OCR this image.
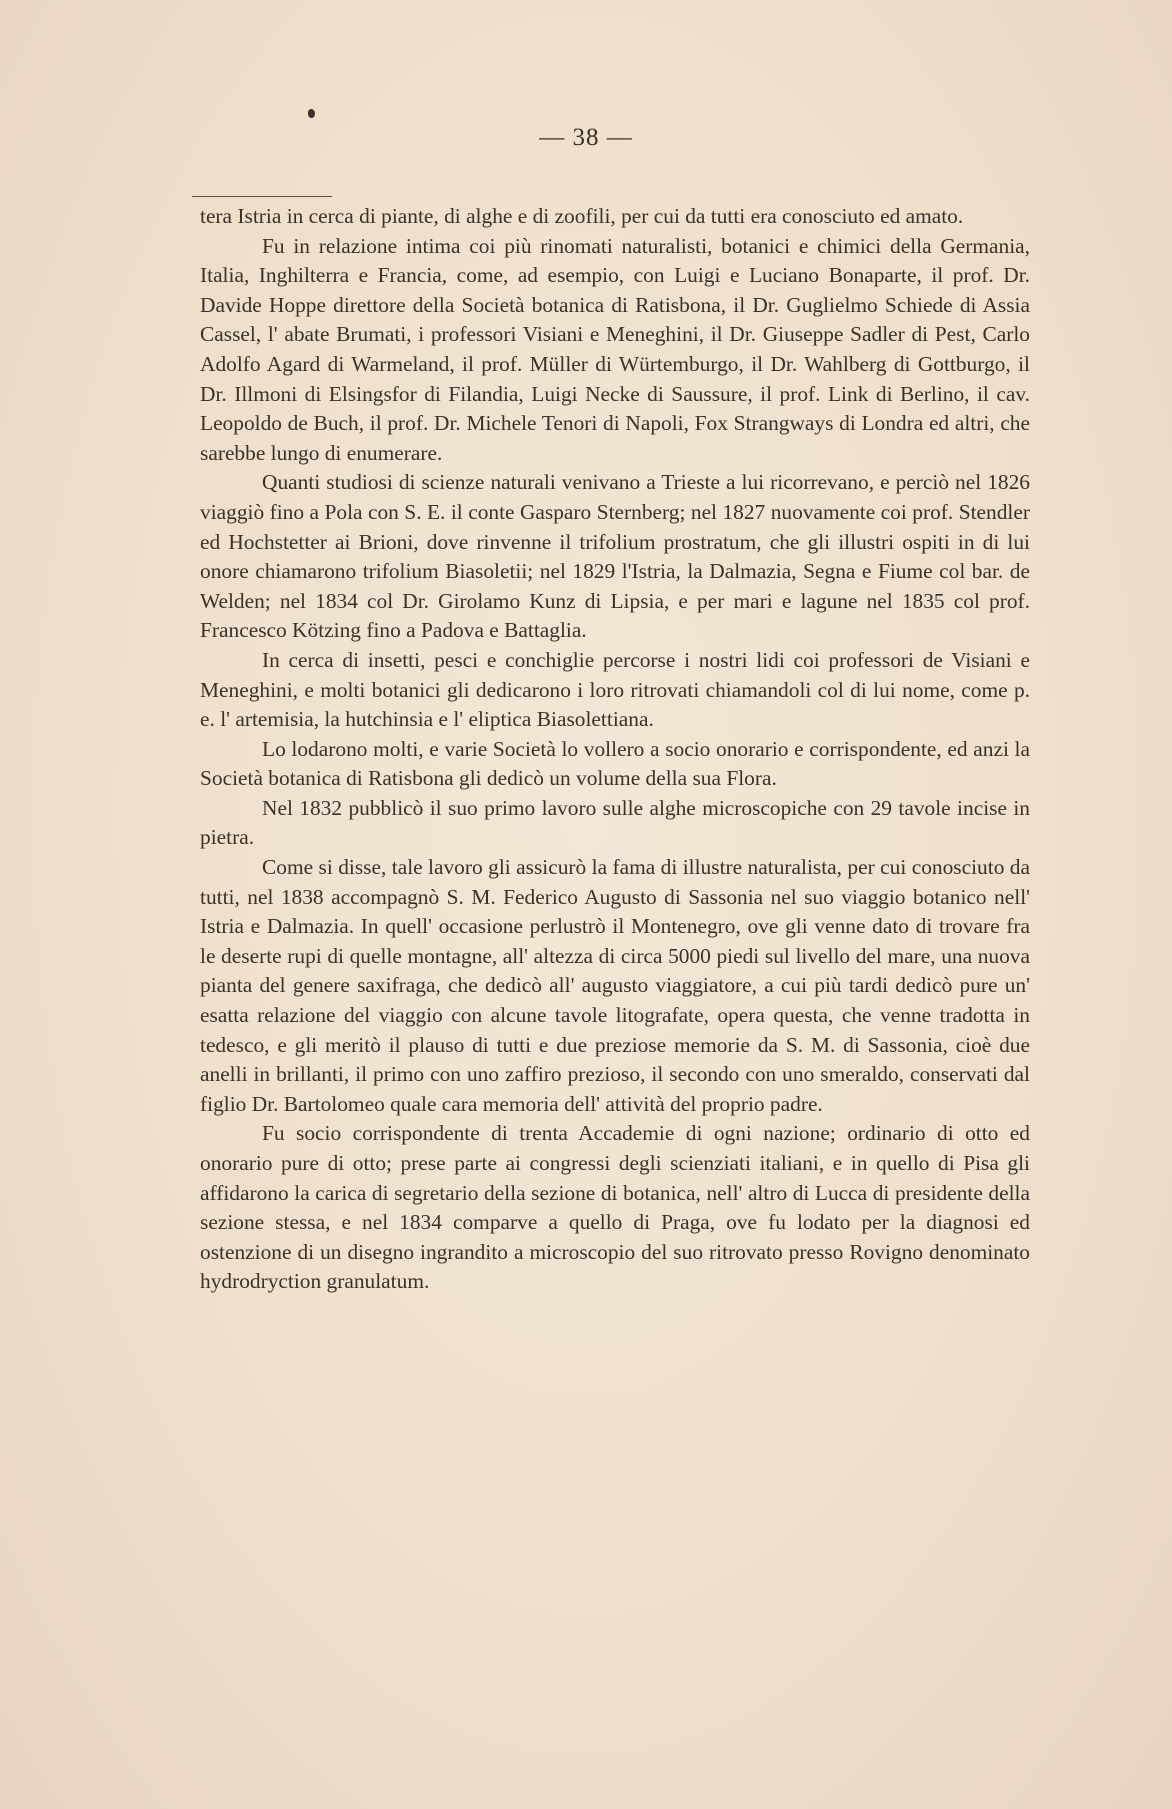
— 38 —

tera Istria in cerca di piante, di alghe e di zoofili, per cui da tutti era conosciuto ed amato.

Fu in relazione intima coi più rinomati naturalisti, botanici e chimici della Germania, Italia, Inghilterra e Francia, come, ad esempio, con Luigi e Luciano Bonaparte, il prof. Dr. Davide Hoppe direttore della Società botanica di Ratisbona, il Dr. Guglielmo Schiede di Assia Cassel, l' abate Brumati, i professori Visiani e Meneghini, il Dr. Giuseppe Sadler di Pest, Carlo Adolfo Agard di Warmeland, il prof. Müller di Würtemburgo, il Dr. Wahlberg di Gottburgo, il Dr. Illmoni di Elsingsfor di Filandia, Luigi Necke di Saussure, il prof. Link di Berlino, il cav. Leopoldo de Buch, il prof. Dr. Michele Tenori di Napoli, Fox Strangways di Londra ed altri, che sarebbe lungo di enumerare.

Quanti studiosi di scienze naturali venivano a Trieste a lui ricorrevano, e perciò nel 1826 viaggiò fino a Pola con S. E. il conte Gasparo Sternberg; nel 1827 nuovamente coi prof. Stendler ed Hochstetter ai Brioni, dove rinvenne il trifolium prostratum, che gli illustri ospiti in di lui onore chiamarono trifolium Biasoletii; nel 1829 l'Istria, la Dalmazia, Segna e Fiume col bar. de Welden; nel 1834 col Dr. Girolamo Kunz di Lipsia, e per mari e lagune nel 1835 col prof. Francesco Kötzing fino a Padova e Battaglia.

In cerca di insetti, pesci e conchiglie percorse i nostri lidi coi professori de Visiani e Meneghini, e molti botanici gli dedicarono i loro ritrovati chiamandoli col di lui nome, come p. e. l' artemisia, la hutchinsia e l' eliptica Biasolettiana.

Lo lodarono molti, e varie Società lo vollero a socio onorario e corrispondente, ed anzi la Società botanica di Ratisbona gli dedicò un volume della sua Flora.

Nel 1832 pubblicò il suo primo lavoro sulle alghe microscopiche con 29 tavole incise in pietra.

Come si disse, tale lavoro gli assicurò la fama di illustre naturalista, per cui conosciuto da tutti, nel 1838 accompagnò S. M. Federico Augusto di Sassonia nel suo viaggio botanico nell' Istria e Dalmazia. In quell' occasione perlustrò il Montenegro, ove gli venne dato di trovare fra le deserte rupi di quelle montagne, all' altezza di circa 5000 piedi sul livello del mare, una nuova pianta del genere saxifraga, che dedicò all' augusto viaggiatore, a cui più tardi dedicò pure un' esatta relazione del viaggio con alcune tavole litografate, opera questa, che venne tradotta in tedesco, e gli meritò il plauso di tutti e due preziose memorie da S. M. di Sassonia, cioè due anelli in brillanti, il primo con uno zaffiro prezioso, il secondo con uno smeraldo, conservati dal figlio Dr. Bartolomeo quale cara memoria dell' attività del proprio padre.

Fu socio corrispondente di trenta Accademie di ogni nazione; ordinario di otto ed onorario pure di otto; prese parte ai congressi degli scienziati italiani, e in quello di Pisa gli affidarono la carica di segretario della sezione di botanica, nell' altro di Lucca di presidente della sezione stessa, e nel 1834 comparve a quello di Praga, ove fu lodato per la diagnosi ed ostenzione di un disegno ingrandito a microscopio del suo ritrovato presso Rovigno denominato hydrodryction granulatum.
